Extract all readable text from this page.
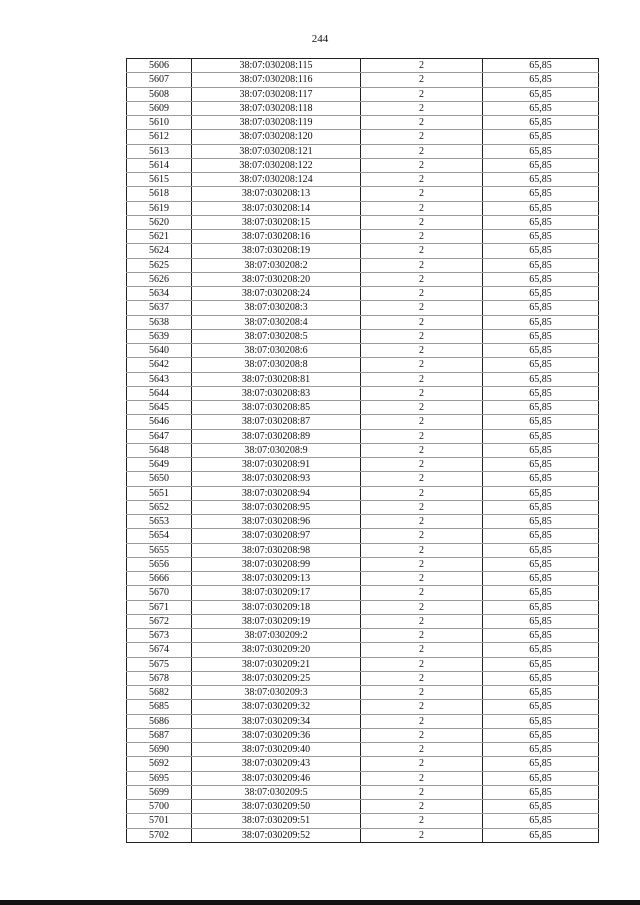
244
5606	38:07:030208:115	2	65,85
5607	38:07:030208:116	2	65,85
5608	38:07:030208:117	2	65,85
5609	38:07:030208:118	2	65,85
5610	38:07:030208:119	2	65,85
5612	38:07:030208:120	2	65,85
5613	38:07:030208:121	2	65,85
5614	38:07:030208:122	2	65,85
5615	38:07:030208:124	2	65,85
5618	38:07:030208:13	2	65,85
5619	38:07:030208:14	2	65,85
5620	38:07:030208:15	2	65,85
5621	38:07:030208:16	2	65,85
5624	38:07:030208:19	2	65,85
5625	38:07:030208:2	2	65,85
5626	38:07:030208:20	2	65,85
5634	38:07:030208:24	2	65,85
5637	38:07:030208:3	2	65,85
5638	38:07:030208:4	2	65,85
5639	38:07:030208:5	2	65,85
5640	38:07:030208:6	2	65,85
5642	38:07:030208:8	2	65,85
5643	38:07:030208:81	2	65,85
5644	38:07:030208:83	2	65,85
5645	38:07:030208:85	2	65,85
5646	38:07:030208:87	2	65,85
5647	38:07:030208:89	2	65,85
5648	38:07:030208:9	2	65,85
5649	38:07:030208:91	2	65,85
5650	38:07:030208:93	2	65,85
5651	38:07:030208:94	2	65,85
5652	38:07:030208:95	2	65,85
5653	38:07:030208:96	2	65,85
5654	38:07:030208:97	2	65,85
5655	38:07:030208:98	2	65,85
5656	38:07:030208:99	2	65,85
5666	38:07:030209:13	2	65,85
5670	38:07:030209:17	2	65,85
5671	38:07:030209:18	2	65,85
5672	38:07:030209:19	2	65,85
5673	38:07:030209:2	2	65,85
5674	38:07:030209:20	2	65,85
5675	38:07:030209:21	2	65,85
5678	38:07:030209:25	2	65,85
5682	38:07:030209:3	2	65,85
5685	38:07:030209:32	2	65,85
5686	38:07:030209:34	2	65,85
5687	38:07:030209:36	2	65,85
5690	38:07:030209:40	2	65,85
5692	38:07:030209:43	2	65,85
5695	38:07:030209:46	2	65,85
5699	38:07:030209:5	2	65,85
5700	38:07:030209:50	2	65,85
5701	38:07:030209:51	2	65,85
5702	38:07:030209:52	2	65,85
